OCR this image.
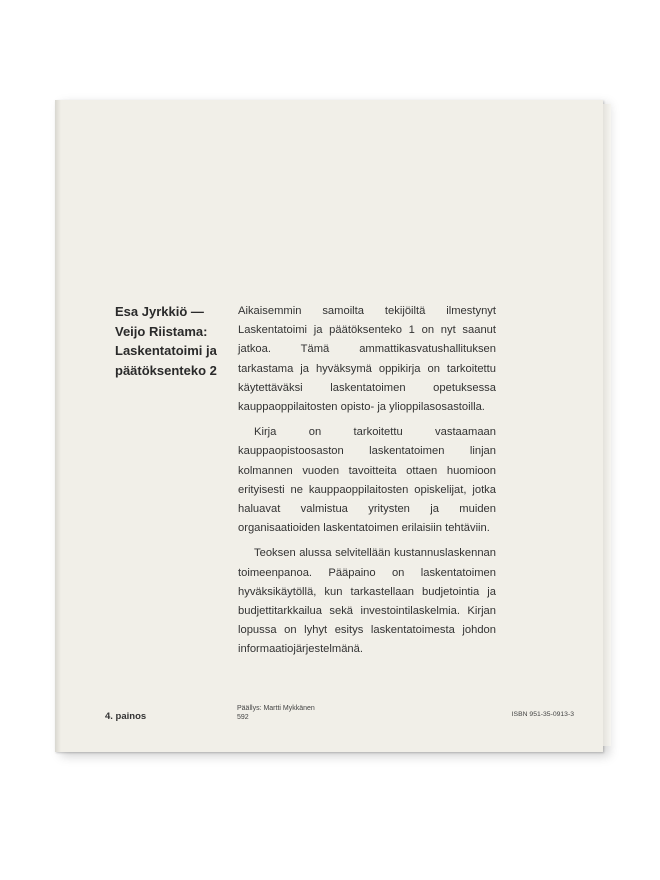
Esa Jyrkkiö —
Veijo Riistama:
Laskentatoimi ja
päätöksenteko 2

Aikaisemmin samoilta tekijöiltä ilmestynyt Laskentatoimi ja päätöksenteko 1 on nyt saanut jatkoa. Tämä ammattikasvatushallituksen tarkastama ja hyväksymä oppikirja on tarkoitettu käytettäväksi laskentatoimen opetuksessa kauppaoppilaitosten opisto- ja ylioppilasosastoilla.

Kirja on tarkoitettu vastaamaan kauppaopistoosaston laskentatoimen linjan kolmannen vuoden tavoitteita ottaen huomioon erityisesti ne kauppaoppilaitosten opiskelijat, jotka haluavat valmistua yritysten ja muiden organisaatioiden laskentatoimen erilaisiin tehtäviin.

Teoksen alussa selvitellään kustannuslaskennan toimeenpanoa. Pääpaino on laskentatoimen hyväksikäytöllä, kun tarkastellaan budjetointia ja budjettitarkkailua sekä investointilaskelmia. Kirjan lopussa on lyhyt esitys laskentatoimesta johdon informaatiojärjestelmänä.

4. painos
Päällys: Martti Mykkänen
592	ISBN 951-35-0913-3
